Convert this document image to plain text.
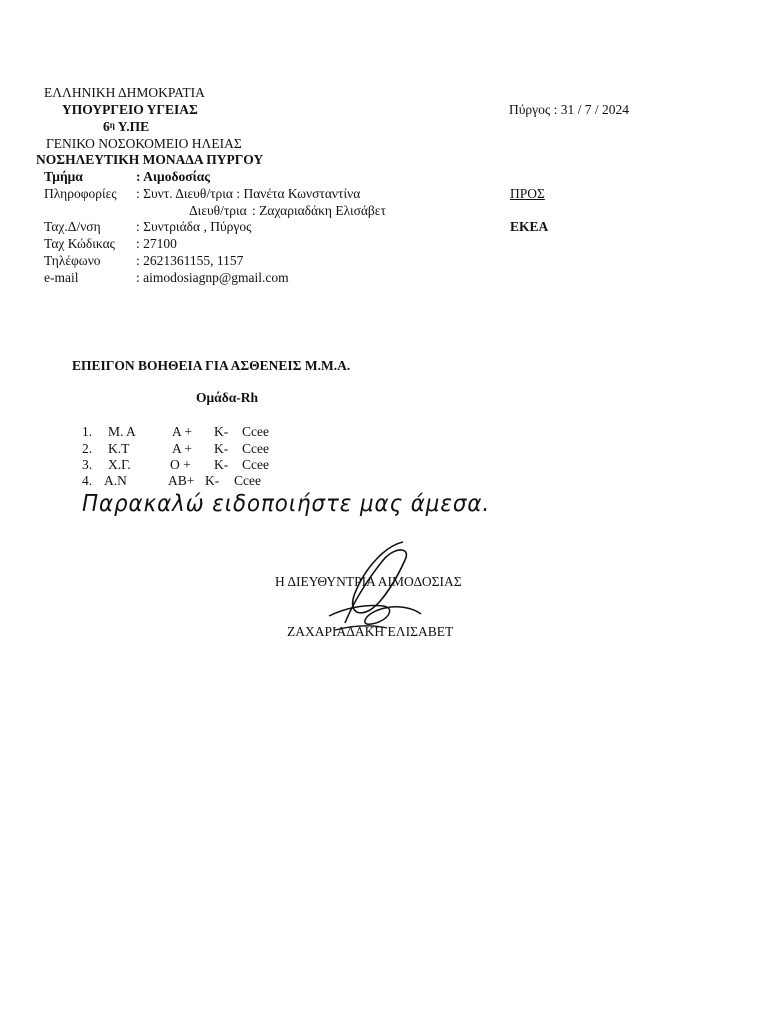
ΕΛΛΗΝΙΚΗ ΔΗΜΟΚΡΑΤΙΑ
ΥΠΟΥΡΓΕΙΟ ΥΓΕΙΑΣ
$6^\eta$ Υ.ΠΕ
ΓΕΝΙΚΟ ΝΟΣΟΚΟΜΕΙΟ ΗΛΕΙΑΣ
ΝΟΣΗΛΕΥΤΙΚΗ ΜΟΝΑΔΑ ΠΥΡΓΟΥ
Πύργος : 31 / 7 / 2024
Τμήμα	: Αιμοδοσίας
Πληροφορίες : Συντ. Διευθ/τρια : Πανέτα Κωνσταντίνα
Διευθ/τρια : Ζαχαριαδάκη Ελισάβετ
Ταχ.Δ/νση	: Συντριάδα , Πύργος
Ταχ Κώδικας : 27100
Τηλέφωνο	: 2621361155, 1157
e-mail	: aimodosiagnp@gmail.com
ΠΡΟΣ
ΕΚΕΑ
ΕΠΕΙΓΟΝ ΒΟΗΘΕΙΑ ΓΙΑ ΑΣΘΕΝΕΙΣ Μ.Μ.Α.
Ομάδα-Rh
1. Μ. Α	A + K- Ccee
2. Κ.Τ	A + K- Ccee
3. Χ.Γ.	O + K- Ccee
4. Α.Ν	AB+ K- Ccee
Παρακαλώ ειδοποιήστε μας άμεσα.
Η ΔΙΕΥΘΥΝΤΡΙΑ ΑΙΜΟΔΟΣΙΑΣ
ΖΑΧΑΡΙΑΔΑΚΗ ΕΛΙΣΑΒΕΤ
